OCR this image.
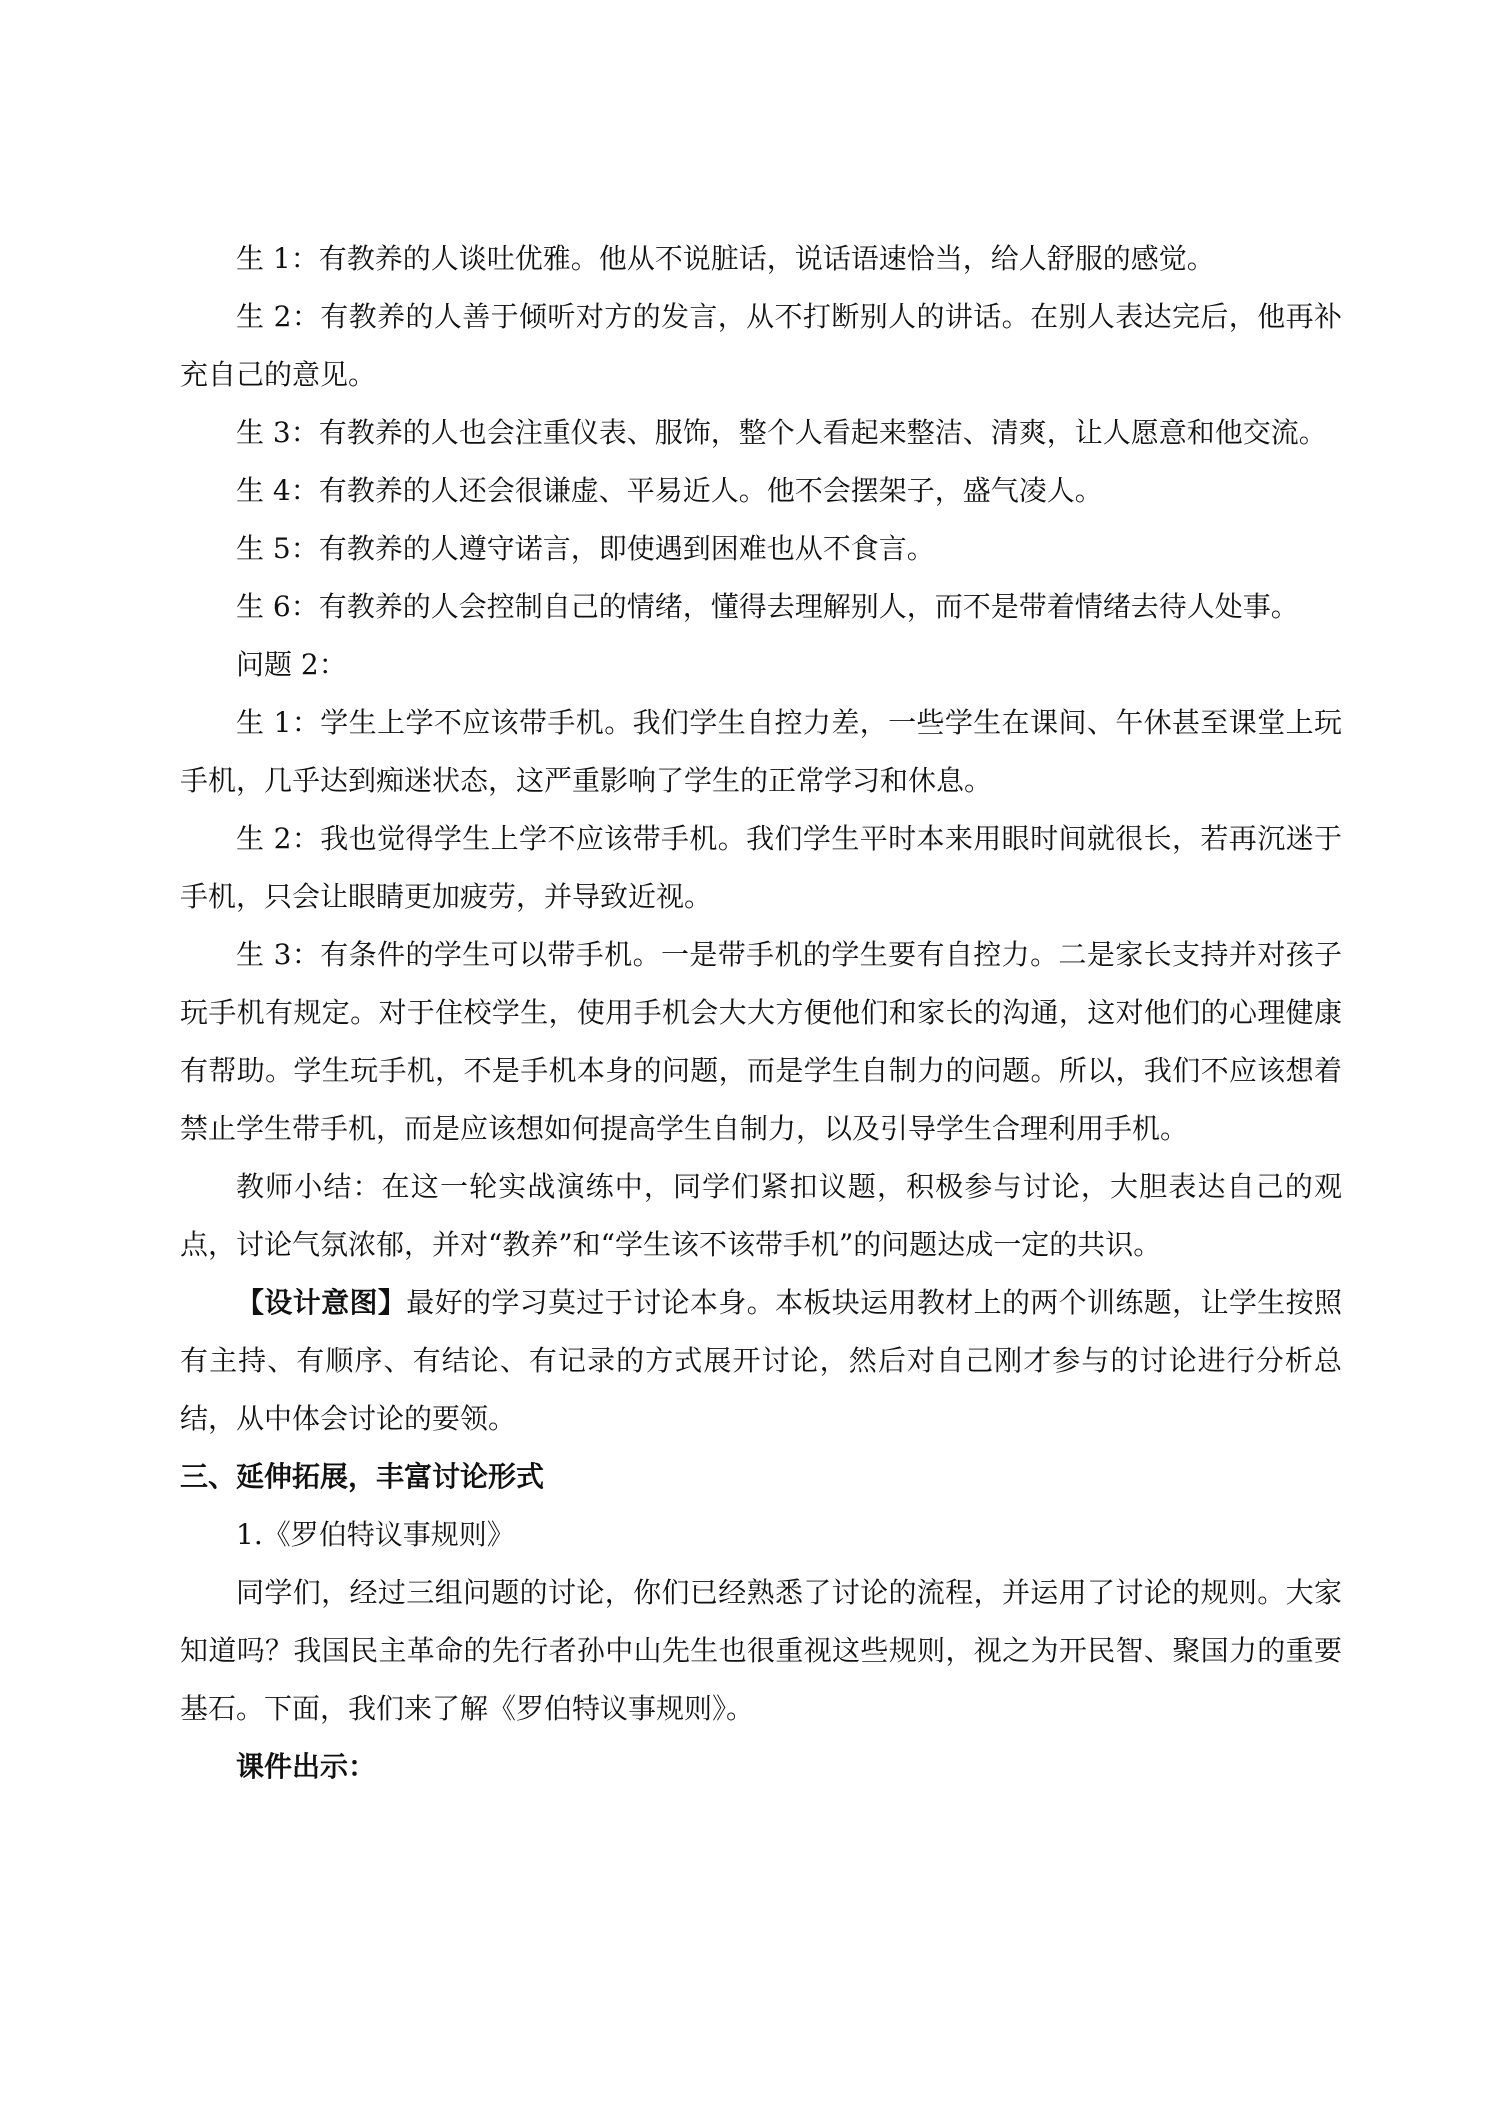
生 1：有教养的人谈吐优雅。他从不说脏话，说话语速恰当，给人舒服的感觉。

生 2：有教养的人善于倾听对方的发言，从不打断别人的讲话。在别人表达完后，他再补充自己的意见。

生 3：有教养的人也会注重仪表、服饰，整个人看起来整洁、清爽，让人愿意和他交流。

生 4：有教养的人还会很谦虚、平易近人。他不会摆架子，盛气凌人。

生 5：有教养的人遵守诺言，即使遇到困难也从不食言。

生 6：有教养的人会控制自己的情绪，懂得去理解别人，而不是带着情绪去待人处事。

问题 2：

生 1：学生上学不应该带手机。我们学生自控力差，一些学生在课间、午休甚至课堂上玩手机，几乎达到痴迷状态，这严重影响了学生的正常学习和休息。

生 2：我也觉得学生上学不应该带手机。我们学生平时本来用眼时间就很长，若再沉迷于手机，只会让眼睛更加疲劳，并导致近视。

生 3：有条件的学生可以带手机。一是带手机的学生要有自控力。二是家长支持并对孩子玩手机有规定。对于住校学生，使用手机会大大方便他们和家长的沟通，这对他们的心理健康有帮助。学生玩手机，不是手机本身的问题，而是学生自制力的问题。所以，我们不应该想着禁止学生带手机，而是应该想如何提高学生自制力，以及引导学生合理利用手机。

教师小结：在这一轮实战演练中，同学们紧扣议题，积极参与讨论，大胆表达自己的观点，讨论气氛浓郁，并对“教养”和“学生该不该带手机”的问题达成一定的共识。

【设计意图】最好的学习莫过于讨论本身。本板块运用教材上的两个训练题，让学生按照有主持、有顺序、有结论、有记录的方式展开讨论，然后对自己刚才参与的讨论进行分析总结，从中体会讨论的要领。

三、延伸拓展，丰富讨论形式

1.《罗伯特议事规则》

同学们，经过三组问题的讨论，你们已经熟悉了讨论的流程，并运用了讨论的规则。大家知道吗？我国民主革命的先行者孙中山先生也很重视这些规则，视之为开民智、聚国力的重要基石。下面，我们来了解《罗伯特议事规则》。

课件出示：
